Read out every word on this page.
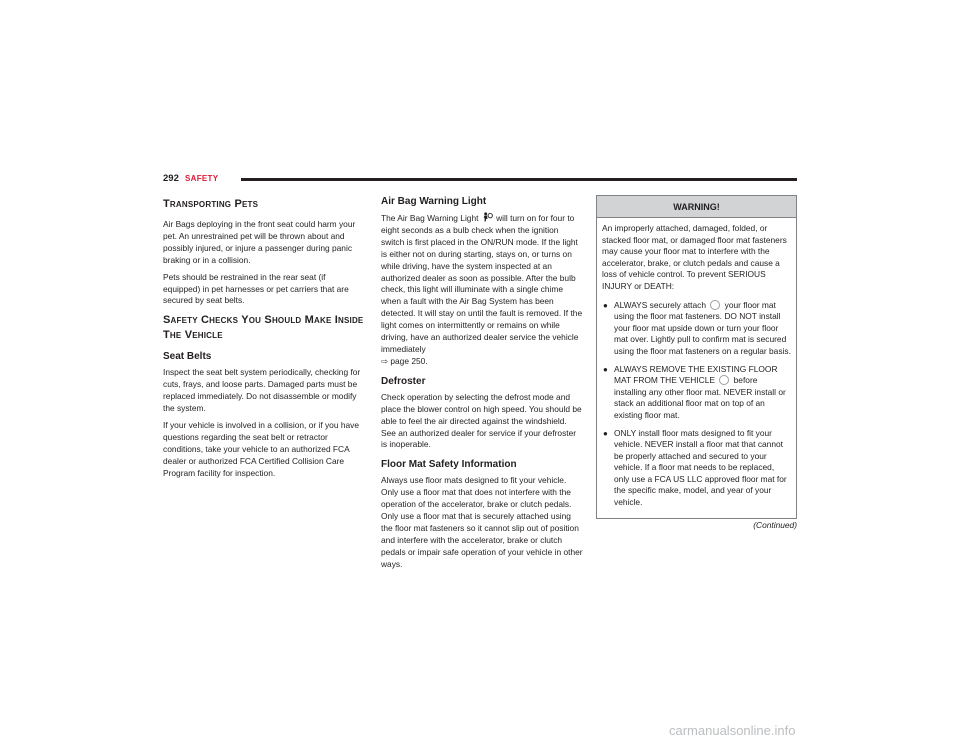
292 SAFETY
Transporting Pets

Air Bags deploying in the front seat could harm your pet. An unrestrained pet will be thrown about and possibly injured, or injure a passenger during panic braking or in a collision.

Pets should be restrained in the rear seat (if equipped) in pet harnesses or pet carriers that are secured by seat belts.

Safety Checks You Should Make Inside The Vehicle
Seat Belts

Inspect the seat belt system periodically, checking for cuts, frays, and loose parts. Damaged parts must be replaced immediately. Do not disassemble or modify the system.

If your vehicle is involved in a collision, or if you have questions regarding the seat belt or retractor conditions, take your vehicle to an authorized FCA dealer or authorized FCA Certified Collision Care Program facility for inspection.

Air Bag Warning Light

The Air Bag Warning Light will turn on for four to eight seconds as a bulb check when the ignition switch is first placed in the ON/RUN mode. If the light is either not on during starting, stays on, or turns on while driving, have the system inspected at an authorized dealer as soon as possible. After the bulb check, this light will illuminate with a single chime when a fault with the Air Bag System has been detected. It will stay on until the fault is removed. If the light comes on intermittently or remains on while driving, have an authorized dealer service the vehicle immediately
⇨ page 250.

Defroster

Check operation by selecting the defrost mode and place the blower control on high speed. You should be able to feel the air directed against the windshield. See an authorized dealer for service if your defroster is inoperable.

Floor Mat Safety Information

Always use floor mats designed to fit your vehicle. Only use a floor mat that does not interfere with the operation of the accelerator, brake or clutch pedals. Only use a floor mat that is securely attached using the floor mat fasteners so it cannot slip out of position and interfere with the accelerator, brake or clutch pedals or impair safe operation of your vehicle in other ways.

WARNING!

An improperly attached, damaged, folded, or stacked floor mat, or damaged floor mat fasteners may cause your floor mat to interfere with the accelerator, brake, or clutch pedals and cause a loss of vehicle control. To prevent SERIOUS INJURY or DEATH:

● ALWAYS securely attach your floor mat using the floor mat fasteners. DO NOT install your floor mat upside down or turn your floor mat over. Lightly pull to confirm mat is secured using the floor mat fasteners on a regular basis.
● ALWAYS REMOVE THE EXISTING FLOOR MAT FROM THE VEHICLE before installing any other floor mat. NEVER install or stack an additional floor mat on top of an existing floor mat.
● ONLY install floor mats designed to fit your vehicle. NEVER install a floor mat that cannot be properly attached and secured to your vehicle. If a floor mat needs to be replaced, only use a FCA US LLC approved floor mat for the specific make, model, and year of your vehicle.
(Continued)
carmanualsonline.info
